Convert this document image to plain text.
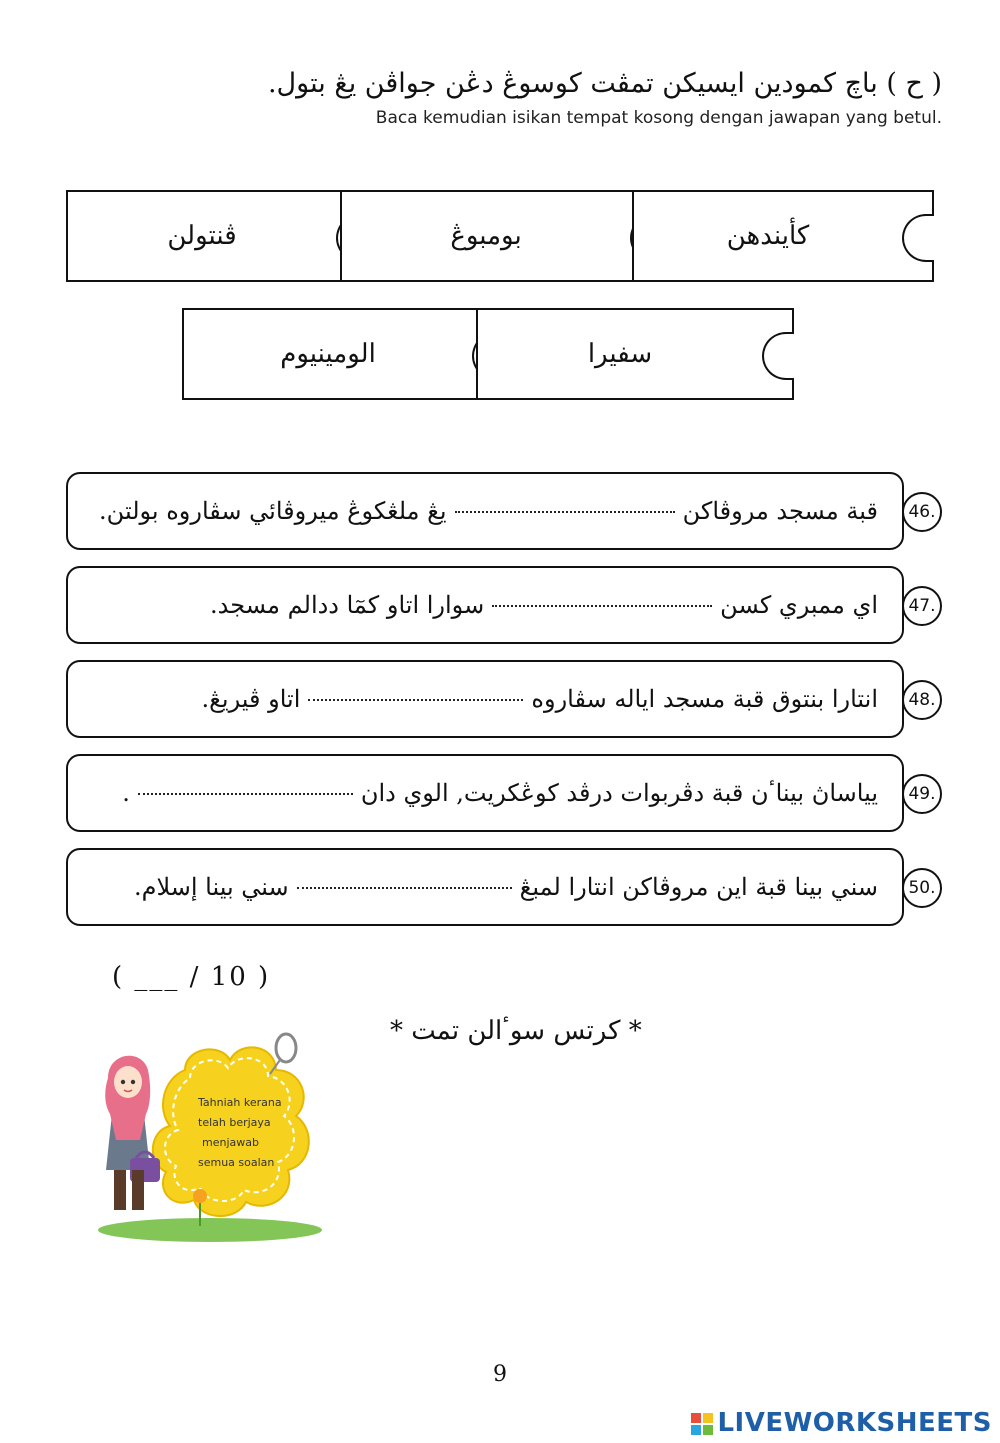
( ح ) باچ كمودين ايسيكن تمڤت كوسوڠ دڠن جواڤن يڠ بتول.
Baca kemudian isikan tempat kosong dengan jawapan yang betul.
ڤنتولن	بومبوڠ	كأيندهن
الومينيوم	سفيرا
قبة مسجد مروڤاكن
يڠ ملڠكوڠ ميروڤائي سڤاروه بولتن.	46.
اي ممبري كسن
سوارا اتاو كمٓا ددالم مسجد.	47.
انتارا بنتوق قبة مسجد اياله سڤاروه
اتاو ڤيريڠ.	48.
يياساڽ بيناٴن قبة دڤربوات درڤد كوڠكريت, الوي دان
.	49.
سني بينا قبة اين مروڤاكن انتارا لمبڠ
سني بينا إسلام.	50.
( ___ / 10 )
* كرتس سوٴالن تمت *
Tahniah kerana
telah berjaya
menjawab
semua soalan
9
LIVEWORKSHEETS
